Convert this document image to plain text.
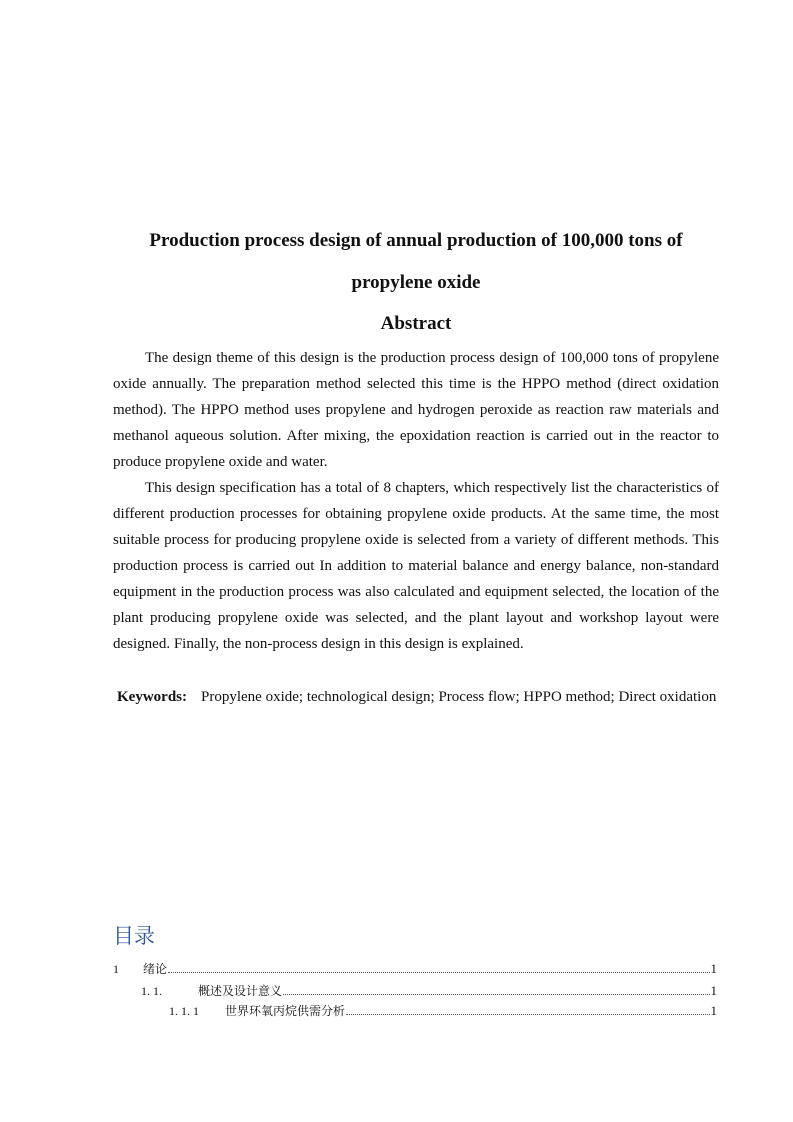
Production process design of annual production of 100,000 tons of
propylene oxide
Abstract
The design theme of this design is the production process design of 100,000 tons of propylene oxide annually. The preparation method selected this time is the HPPO method (direct oxidation method). The HPPO method uses propylene and hydrogen peroxide as reaction raw materials and methanol aqueous solution. After mixing, the epoxidation reaction is carried out in the reactor to produce propylene oxide and water.
This design specification has a total of 8 chapters, which respectively list the characteristics of different production processes for obtaining propylene oxide products. At the same time, the most suitable process for producing propylene oxide is selected from a variety of different methods. This production process is carried out In addition to material balance and energy balance, non-standard equipment in the production process was also calculated and equipment selected, the location of the plant producing propylene oxide was selected, and the plant layout and workshop layout were designed. Finally, the non-process design in this design is explained.
Keywords: Propylene oxide; technological design; Process flow; HPPO method; Direct oxidation
目录
1	绪论	1
1. 1.	概述及设计意义	1
1. 1. 1	世界环氧丙烷供需分析	1
